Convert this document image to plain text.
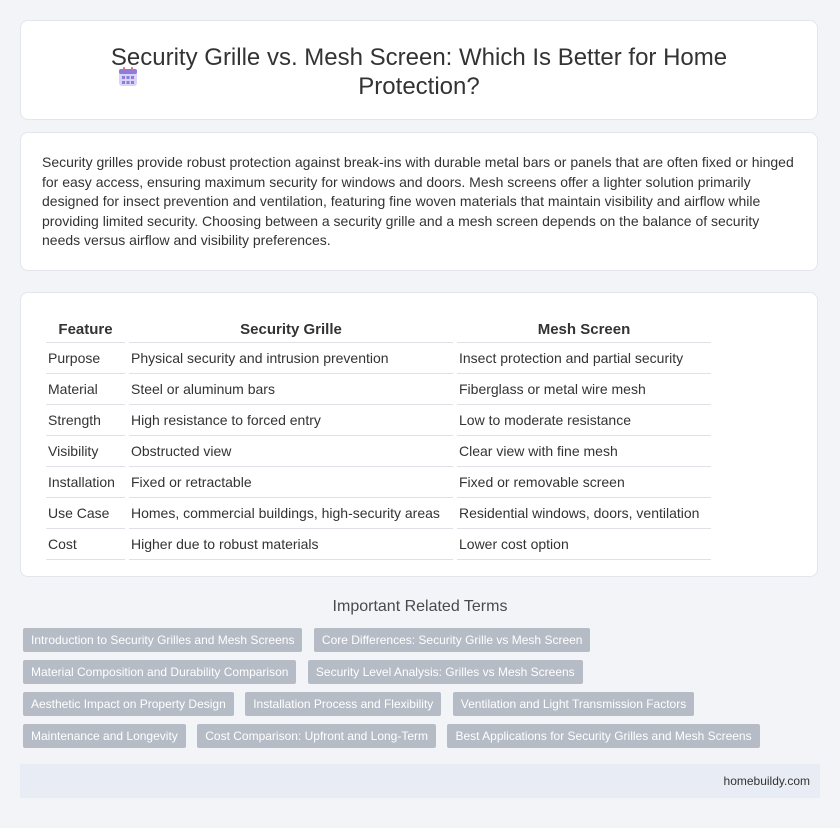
Security Grille vs. Mesh Screen: Which Is Better for Home Protection?
Security grilles provide robust protection against break-ins with durable metal bars or panels that are often fixed or hinged for easy access, ensuring maximum security for windows and doors. Mesh screens offer a lighter solution primarily designed for insect prevention and ventilation, featuring fine woven materials that maintain visibility and airflow while providing limited security. Choosing between a security grille and a mesh screen depends on the balance of security needs versus airflow and visibility preferences.
Feature	Security Grille	Mesh Screen
Purpose	Physical security and intrusion prevention	Insect protection and partial security
Material	Steel or aluminum bars	Fiberglass or metal wire mesh
Strength	High resistance to forced entry	Low to moderate resistance
Visibility	Obstructed view	Clear view with fine mesh
Installation	Fixed or retractable	Fixed or removable screen
Use Case	Homes, commercial buildings, high-security areas	Residential windows, doors, ventilation
Cost	Higher due to robust materials	Lower cost option
Important Related Terms
Introduction to Security Grilles and Mesh Screens Core Differences: Security Grille vs Mesh Screen Material Composition and Durability Comparison Security Level Analysis: Grilles vs Mesh Screens Aesthetic Impact on Property Design Installation Process and Flexibility Ventilation and Light Transmission Factors Maintenance and Longevity Cost Comparison: Upfront and Long-Term Best Applications for Security Grilles and Mesh Screens
homebuildy.com
